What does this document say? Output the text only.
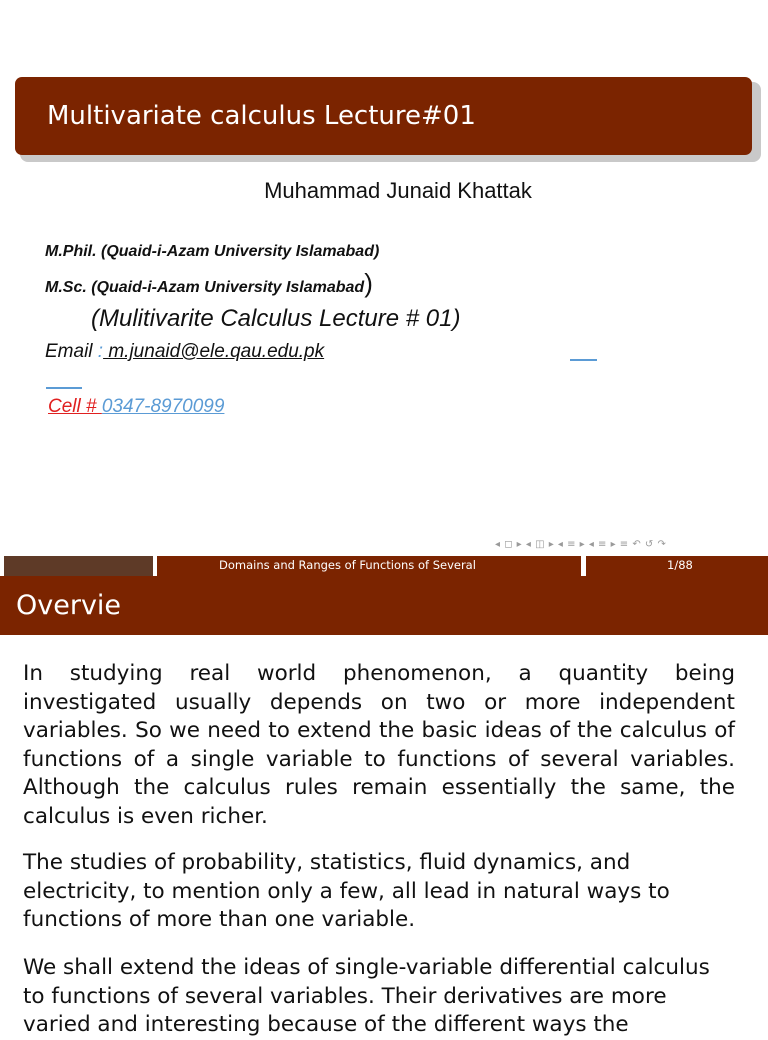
Multivariate calculus Lecture#01
Muhammad Junaid Khattak
M.Phil. (Quaid-i-Azam University Islamabad)
M.Sc. (Quaid-i-Azam University Islamabad)
(Mulitivarite Calculus Lecture # 01)
Email : m.junaid@ele.qau.edu.pk
Cell # 0347-8970099
◂ ◻ ▸ ◂ ◫ ▸ ◂ ≡ ▸ ◂ ≡ ▸ ≡ ↶ ↺ ↷
Domains and Ranges of Functions of Several	1/88
Overvie

In studying real world phenomenon, a quantity being investigated usually depends on two or more independent variables. So we need to extend the basic ideas of the calculus of functions of a single variable to functions of several variables. Although the calculus rules remain essentially the same, the calculus is even richer.

The studies of probability, statistics, fluid dynamics, and electricity, to mention only a few, all lead in natural ways to functions of more than one variable.

We shall extend the ideas of single-variable differential calculus to functions of several variables. Their derivatives are more varied and interesting because of the different ways the
